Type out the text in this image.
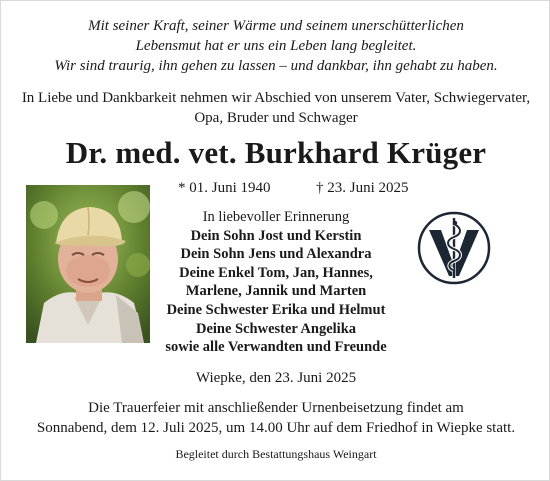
Mit seiner Kraft, seiner Wärme und seinem unerschütterlichen
Lebensmut hat er uns ein Leben lang begleitet.
Wir sind traurig, ihn gehen zu lassen – und dankbar, ihn gehabt zu haben.
In Liebe und Dankbarkeit nehmen wir Abschied von unserem Vater, Schwiegervater,
Opa, Bruder und Schwager
Dr. med. vet. Burkhard Krüger
* 01. Juni 1940	† 23. Juni 2025
In liebevoller Erinnerung
Dein Sohn Jost und Kerstin
Dein Sohn Jens und Alexandra
Deine Enkel Tom, Jan, Hannes,
Marlene, Jannik und Marten
Deine Schwester Erika und Helmut
Deine Schwester Angelika
sowie alle Verwandten und Freunde
Wiepke, den 23. Juni 2025
Die Trauerfeier mit anschließender Urnenbeisetzung findet am
Sonnabend, dem 12. Juli 2025, um 14.00 Uhr auf dem Friedhof in Wiepke statt.
Begleitet durch Bestattungshaus Weingart
